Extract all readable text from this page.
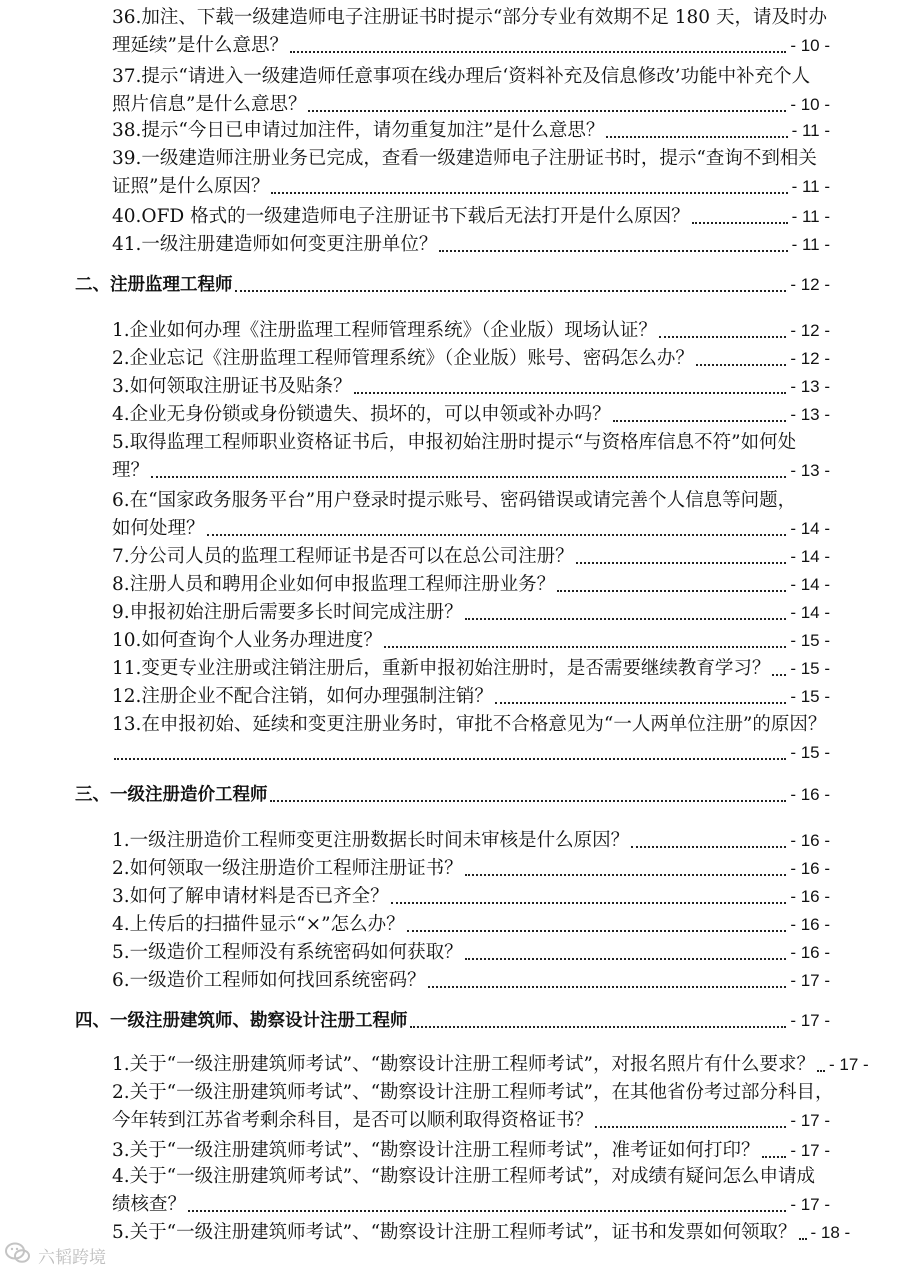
36.加注、下载一级建造师电子注册证书时提示“部分专业有效期不足 180 天，请及时办
理延续”是什么意思？	- 10 -
37.提示“请进入一级建造师任意事项在线办理后‘资料补充及信息修改’功能中补充个人
照片信息”是什么意思？	- 10 -
38.提示“今日已申请过加注件，请勿重复加注”是什么意思？	- 11 -
39.一级建造师注册业务已完成，查看一级建造师电子注册证书时，提示“查询不到相关
证照”是什么原因？	- 11 -
40.OFD 格式的一级建造师电子注册证书下载后无法打开是什么原因？	- 11 -
41.一级注册建造师如何变更注册单位？	- 11 -
二、注册监理工程师	- 12 -
1.企业如何办理《注册监理工程师管理系统》（企业版）现场认证？	- 12 -
2.企业忘记《注册监理工程师管理系统》（企业版）账号、密码怎么办？	- 12 -
3.如何领取注册证书及贴条？	- 13 -
4.企业无身份锁或身份锁遗失、损坏的，可以申领或补办吗？	- 13 -
5.取得监理工程师职业资格证书后，申报初始注册时提示“与资格库信息不符”如何处
理？	- 13 -
6.在“国家政务服务平台”用户登录时提示账号、密码错误或请完善个人信息等问题，
如何处理？	- 14 -
7.分公司人员的监理工程师证书是否可以在总公司注册？	- 14 -
8.注册人员和聘用企业如何申报监理工程师注册业务？	- 14 -
9.申报初始注册后需要多长时间完成注册？	- 14 -
10.如何查询个人业务办理进度？	- 15 -
11.变更专业注册或注销注册后，重新申报初始注册时，是否需要继续教育学习？ - 15 -
12.注册企业不配合注销，如何办理强制注销？	- 15 -
13.在申报初始、延续和变更注册业务时，审批不合格意见为“一人两单位注册”的原因？
- 15 -
三、一级注册造价工程师	- 16 -
1.一级注册造价工程师变更注册数据长时间未审核是什么原因？	- 16 -
2.如何领取一级注册造价工程师注册证书？	- 16 -
3.如何了解申请材料是否已齐全？	- 16 -
4.上传后的扫描件显示“×”怎么办？	- 16 -
5.一级造价工程师没有系统密码如何获取？	- 16 -
6.一级造价工程师如何找回系统密码？	- 17 -
四、一级注册建筑师、勘察设计注册工程师	- 17 -
1.关于“一级注册建筑师考试”、“勘察设计注册工程师考试”，对报名照片有什么要求？ - 17 -
2.关于“一级注册建筑师考试”、“勘察设计注册工程师考试”，在其他省份考过部分科目，
今年转到江苏省考剩余科目，是否可以顺利取得资格证书？	- 17 -
3.关于“一级注册建筑师考试”、“勘察设计注册工程师考试”，准考证如何打印？ - 17 -
4.关于“一级注册建筑师考试”、“勘察设计注册工程师考试”，对成绩有疑问怎么申请成
绩核查？	- 17 -
5.关于“一级注册建筑师考试”、“勘察设计注册工程师考试”，证书和发票如何领取？ - 18 -
六韬跨境
